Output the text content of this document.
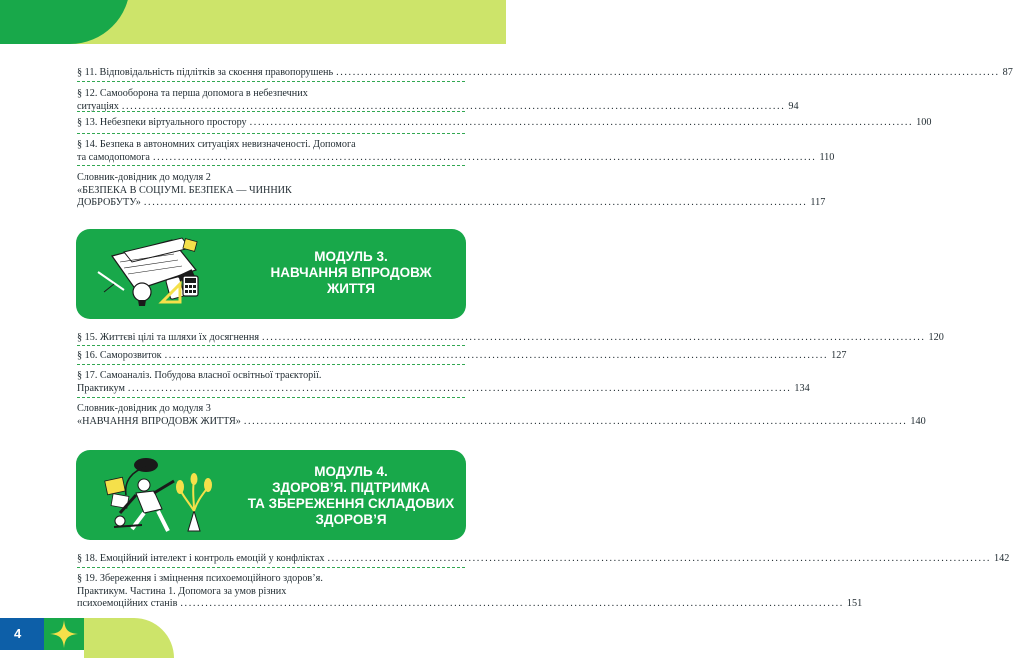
§ 11. Відповідальність підлітків за скоєння правопорушень ................................................................................................................................................................ 87
§ 12. Самооборона та перша допомога в небезпечних
ситуаціях ................................................................................................................................................................ 94
§ 13. Небезпеки віртуального простору ................................................................................................................................................................ 100
§ 14. Безпека в автономних ситуаціях невизначеності. Допомога
та самодопомога ................................................................................................................................................................ 110
Словник-довідник до модуля 2
«БЕЗПЕКА В СОЦІУМІ. БЕЗПЕКА — ЧИННИК
ДОБРОБУТУ» ................................................................................................................................................................ 117
§ 15. Життєві цілі та шляхи їх досягнення ................................................................................................................................................................ 120
§ 16. Саморозвиток ................................................................................................................................................................ 127
§ 17. Самоаналіз. Побудова власної освітньої траєкторії.
Практикум ................................................................................................................................................................ 134
Словник-довідник до модуля 3
«НАВЧАННЯ ВПРОДОВЖ ЖИТТЯ» ................................................................................................................................................................ 140
§ 18. Емоційний інтелект і контроль емоцій у конфліктах ................................................................................................................................................................ 142
§ 19. Збереження і зміцнення психоемоційного здоров’я.
Практикум. Частина 1. Допомога за умов різних
психоемоційних станів ................................................................................................................................................................ 151
МОДУЛЬ 3.
НАВЧАННЯ ВПРОДОВЖ
ЖИТТЯ
МОДУЛЬ 4.
ЗДОРОВ’Я. ПІДТРИМКА
ТА ЗБЕРЕЖЕННЯ СКЛАДОВИХ
ЗДОРОВ’Я
4
